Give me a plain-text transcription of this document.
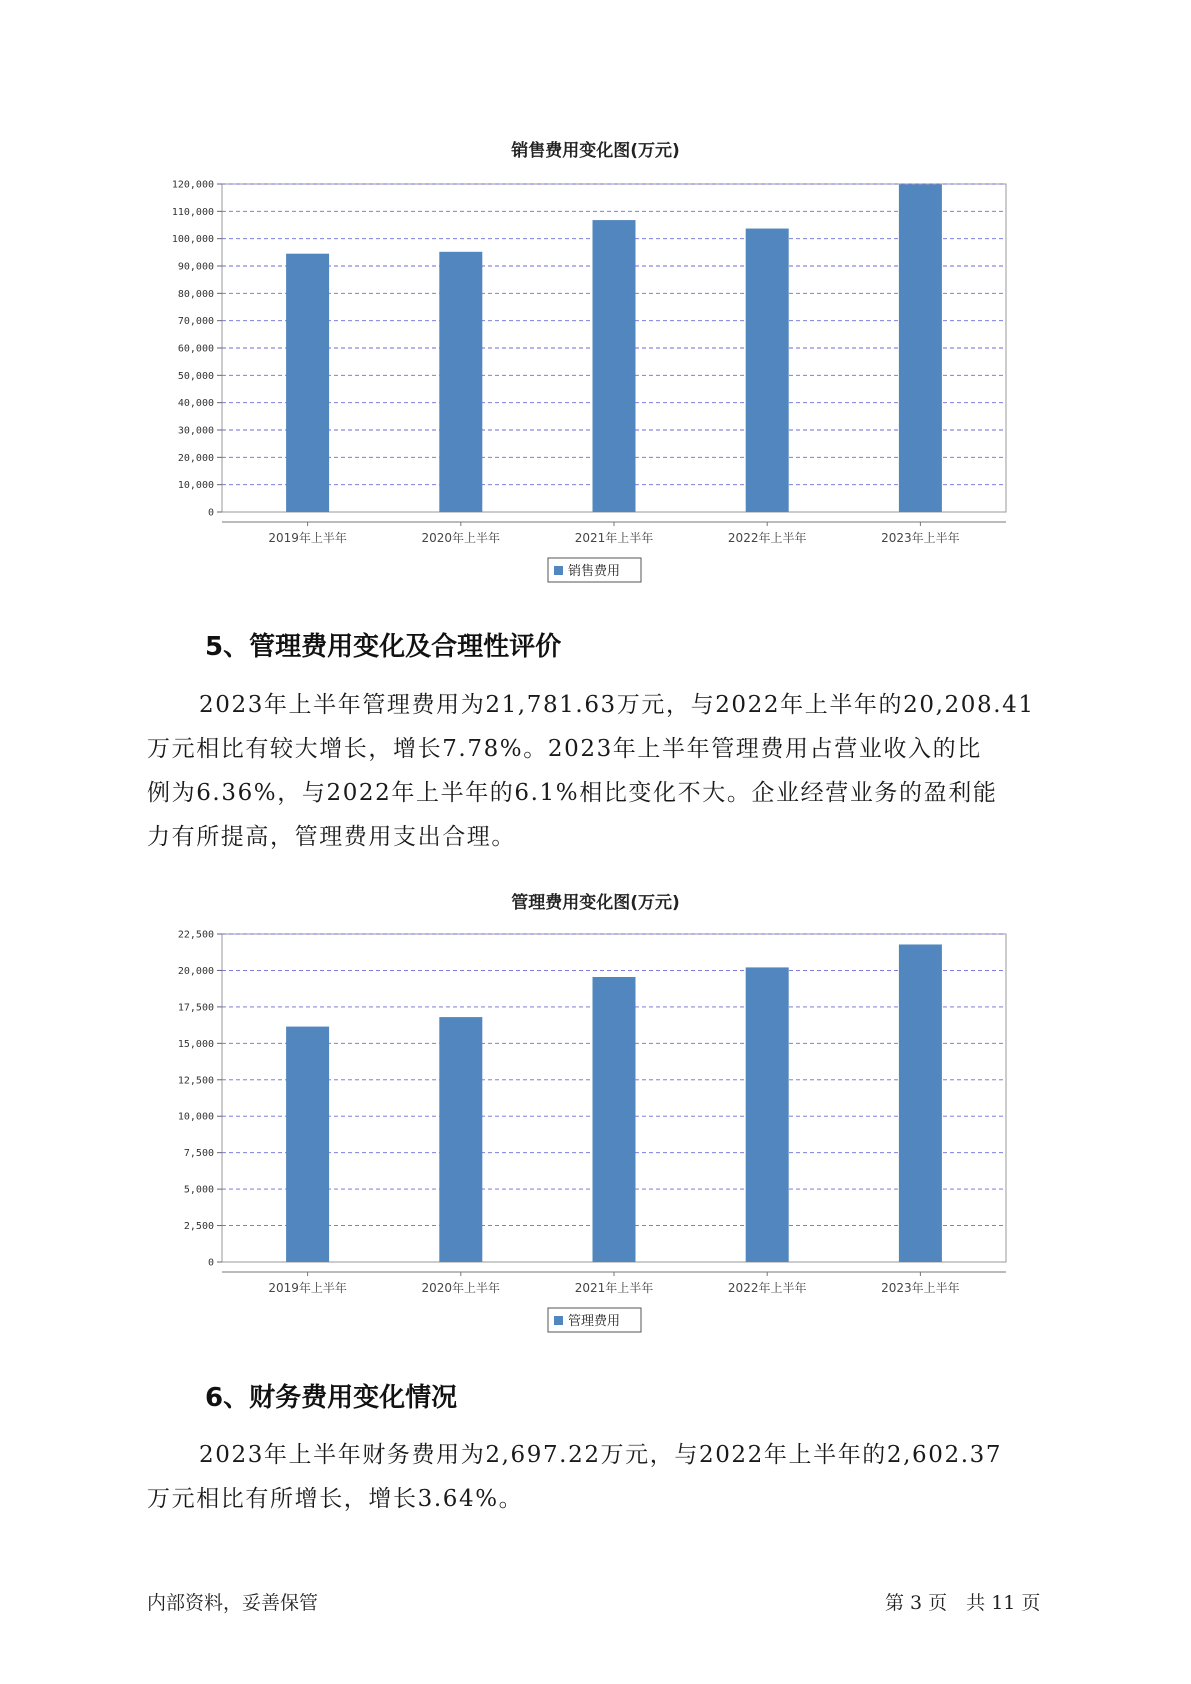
销售费用变化图(万元)
0
10,000
20,000
30,000
40,000
50,000
60,000
70,000
80,000
90,000
100,000
110,000
120,000
2019年上半年	2020年上半年	2021年上半年	2022年上半年	2023年上半年
销售费用
5、管理费用变化及合理性评价

2023年上半年管理费用为21,781.63万元，与2022年上半年的20,208.41
万元相比有较大增长，增长7.78%。2023年上半年管理费用占营业收入的比
例为6.36%，与2022年上半年的6.1%相比变化不大。企业经营业务的盈利能
力有所提高，管理费用支出合理。

管理费用变化图(万元)
0
2,500
5,000
7,500
10,000
12,500
15,000
17,500
20,000
22,500
2019年上半年	2020年上半年	2021年上半年	2022年上半年	2023年上半年
管理费用
6、财务费用变化情况

2023年上半年财务费用为2,697.22万元，与2022年上半年的2,602.37
万元相比有所增长，增长3.64%。

内部资料，妥善保管	第 3 页　共 11 页
